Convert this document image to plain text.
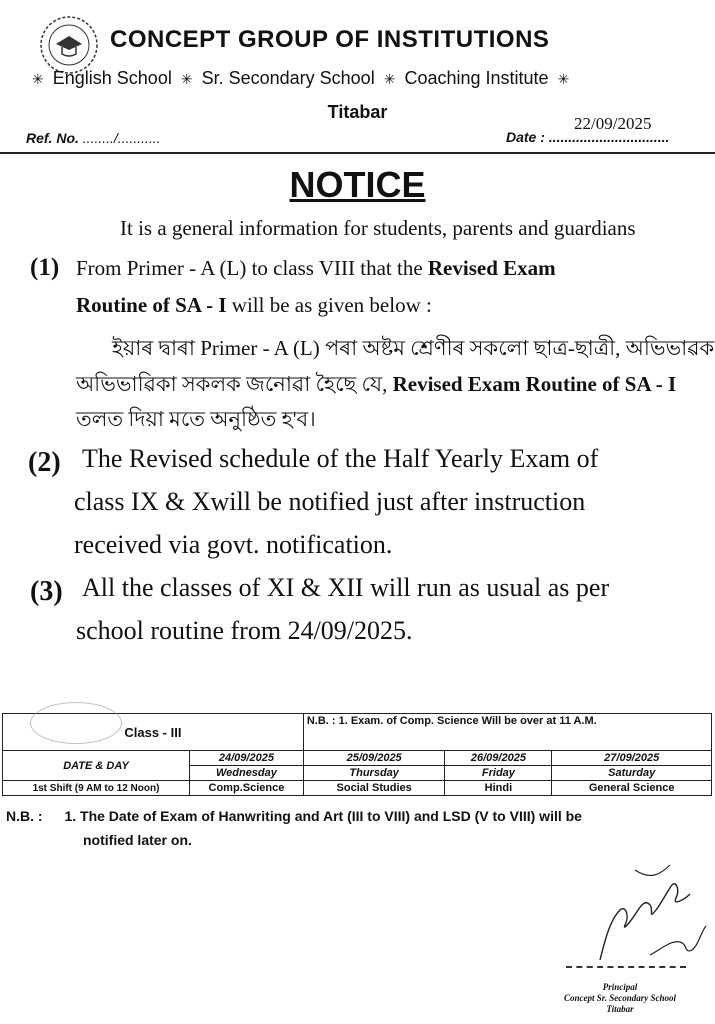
CONCEPT GROUP OF INSTITUTIONS
✳ English School ✳ Sr. Secondary School ✳ Coaching Institute ✳
Titabar
Ref. No. ......../...........	Date : ...............................
22/09/2025
NOTICE
It is a general information for students, parents and guardians
(1) From Primer - A (L) to class VIII that the Revised Exam
Routine of SA - I will be as given below :
ইয়াৰ দ্বাৰা Primer - A (L) পৰা অষ্টম শ্ৰেণীৰ সকলো ছাত্ৰ-ছাত্ৰী, অভিভাৱক
অভিভাৱিকা সকলক জনোৱা হৈছে যে, Revised Exam Routine of SA - I
তলত দিয়া মতে অনুষ্ঠিত হ'ব।
(2) The Revised schedule of the Half Yearly Exam of
class IX & Xwill be notified just after instruction
received via govt. notification.
(3) All the classes of XI & XII will run as usual as per
school routine from 24/09/2025.
Class - III		N.B. : 1. Exam. of Comp. Science Will be over at 11 A.M.		
DATE & DAY	24/09/2025	25/09/2025	26/09/2025	27/09/2025
	Wednesday	Thursday	Friday	Saturday
1st Shift (9 AM to 12 Noon)	Comp.Science	Social Studies	Hindi	General Science
N.B. : 1. The Date of Exam of Hanwriting and Art (III to VIII) and LSD (V to VIII) will be
notified later on.
Principal
Concept Sr. Secondary School
Titabar
